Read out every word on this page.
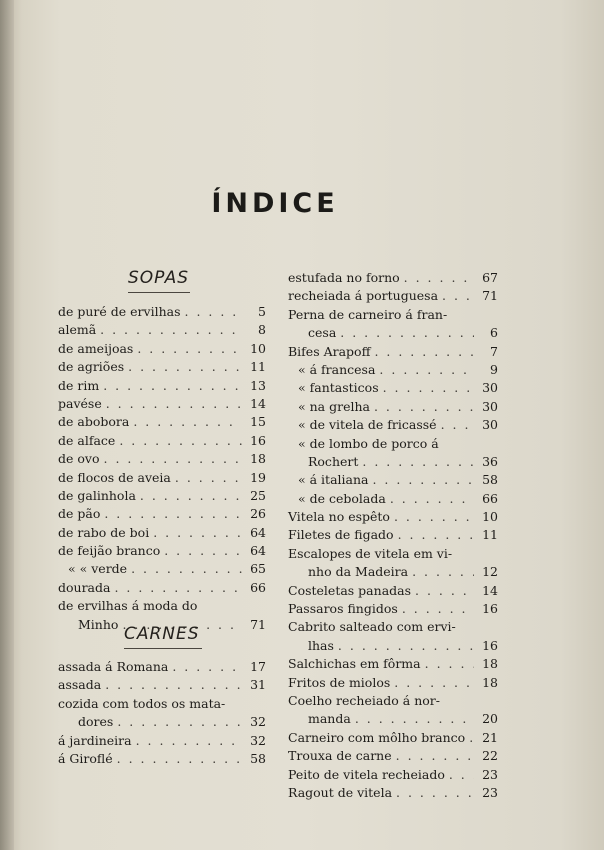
ÍNDICE
SOPAS
de puré de ervilhas . . .	5
alemã . . .	8
de ameijoas . . .	10
de agriões . . .	11
de rim . . .	13
pavése . . .	14
de abobora . . .	15
de alface . . .	16
de ovo . . .	18
de flocos de aveia . . .	19
de galinhola . . .	25
de pão . . .	26
de rabo de boi . . .	64
de feijão branco . . .	64
« « verde . . .	65
dourada . . .	66
de ervilhas á moda do
Minho . . .	71
CARNES
assada á Romana . . .	17
assada . . .	31
cozida com todos os mata-
dores . . .	32
á jardineira . . .	32
á Giroflé . . .	58
estufada no forno . . .	67
recheiada á portuguesa . . .	71
Perna de carneiro á fran-
cesa . . .	6
Bifes Arapoff . . .	7
« á francesa . . .	9
« fantasticos . . .	30
« na grelha . . .	30
« de vitela de fricassé . . .	30
« de lombo de porco á
Rochert . . .	36
« á italiana . . .	58
« de cebolada . . .	66
Vitela no espêto . . .	10
Filetes de figado . . .	11
Escalopes de vitela em vi-
nho da Madeira . . .	12
Costeletas panadas . . .	14
Passaros fingidos . . .	16
Cabrito salteado com ervi-
lhas . . .	16
Salchichas em fôrma . . .	18
Fritos de miolos . . .	18
Coelho recheiado á nor-
manda . . .	20
Carneiro com môlho branco . . .	21
Trouxa de carne . . .	22
Peito de vitela recheiado . . .	23
Ragout de vitela . . .	23
